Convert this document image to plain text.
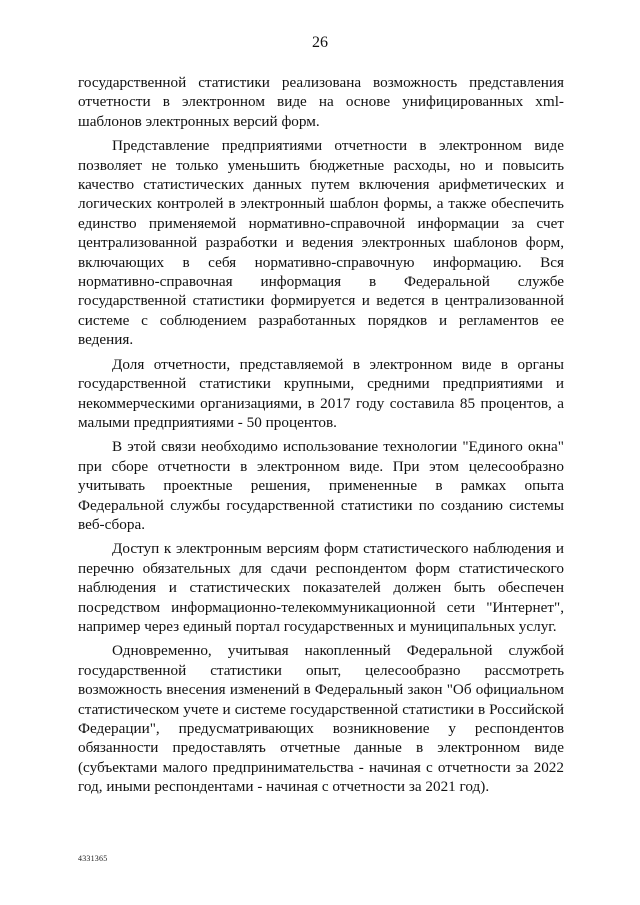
26

государственной статистики реализована возможность представления отчетности в электронном виде на основе унифицированных xml-шаблонов электронных версий форм.

Представление предприятиями отчетности в электронном виде позволяет не только уменьшить бюджетные расходы, но и повысить качество статистических данных путем включения арифметических и логических контролей в электронный шаблон формы, а также обеспечить единство применяемой нормативно-справочной информации за счет централизованной разработки и ведения электронных шаблонов форм, включающих в себя нормативно-справочную информацию. Вся нормативно-справочная информация в Федеральной службе государственной статистики формируется и ведется в централизованной системе с соблюдением разработанных порядков и регламентов ее ведения.

Доля отчетности, представляемой в электронном виде в органы государственной статистики крупными, средними предприятиями и некоммерческими организациями, в 2017 году составила 85 процентов, а малыми предприятиями - 50 процентов.

В этой связи необходимо использование технологии "Единого окна" при сборе отчетности в электронном виде. При этом целесообразно учитывать проектные решения, примененные в рамках опыта Федеральной службы государственной статистики по созданию системы веб-сбора.

Доступ к электронным версиям форм статистического наблюдения и перечню обязательных для сдачи респондентом форм статистического наблюдения и статистических показателей должен быть обеспечен посредством информационно-телекоммуникационной сети "Интернет", например через единый портал государственных и муниципальных услуг.

Одновременно, учитывая накопленный Федеральной службой государственной статистики опыт, целесообразно рассмотреть возможность внесения изменений в Федеральный закон "Об официальном статистическом учете и системе государственной статистики в Российской Федерации", предусматривающих возникновение у респондентов обязанности предоставлять отчетные данные в электронном виде (субъектами малого предпринимательства - начиная с отчетности за 2022 год, иными респондентами - начиная с отчетности за 2021 год).

4331365
